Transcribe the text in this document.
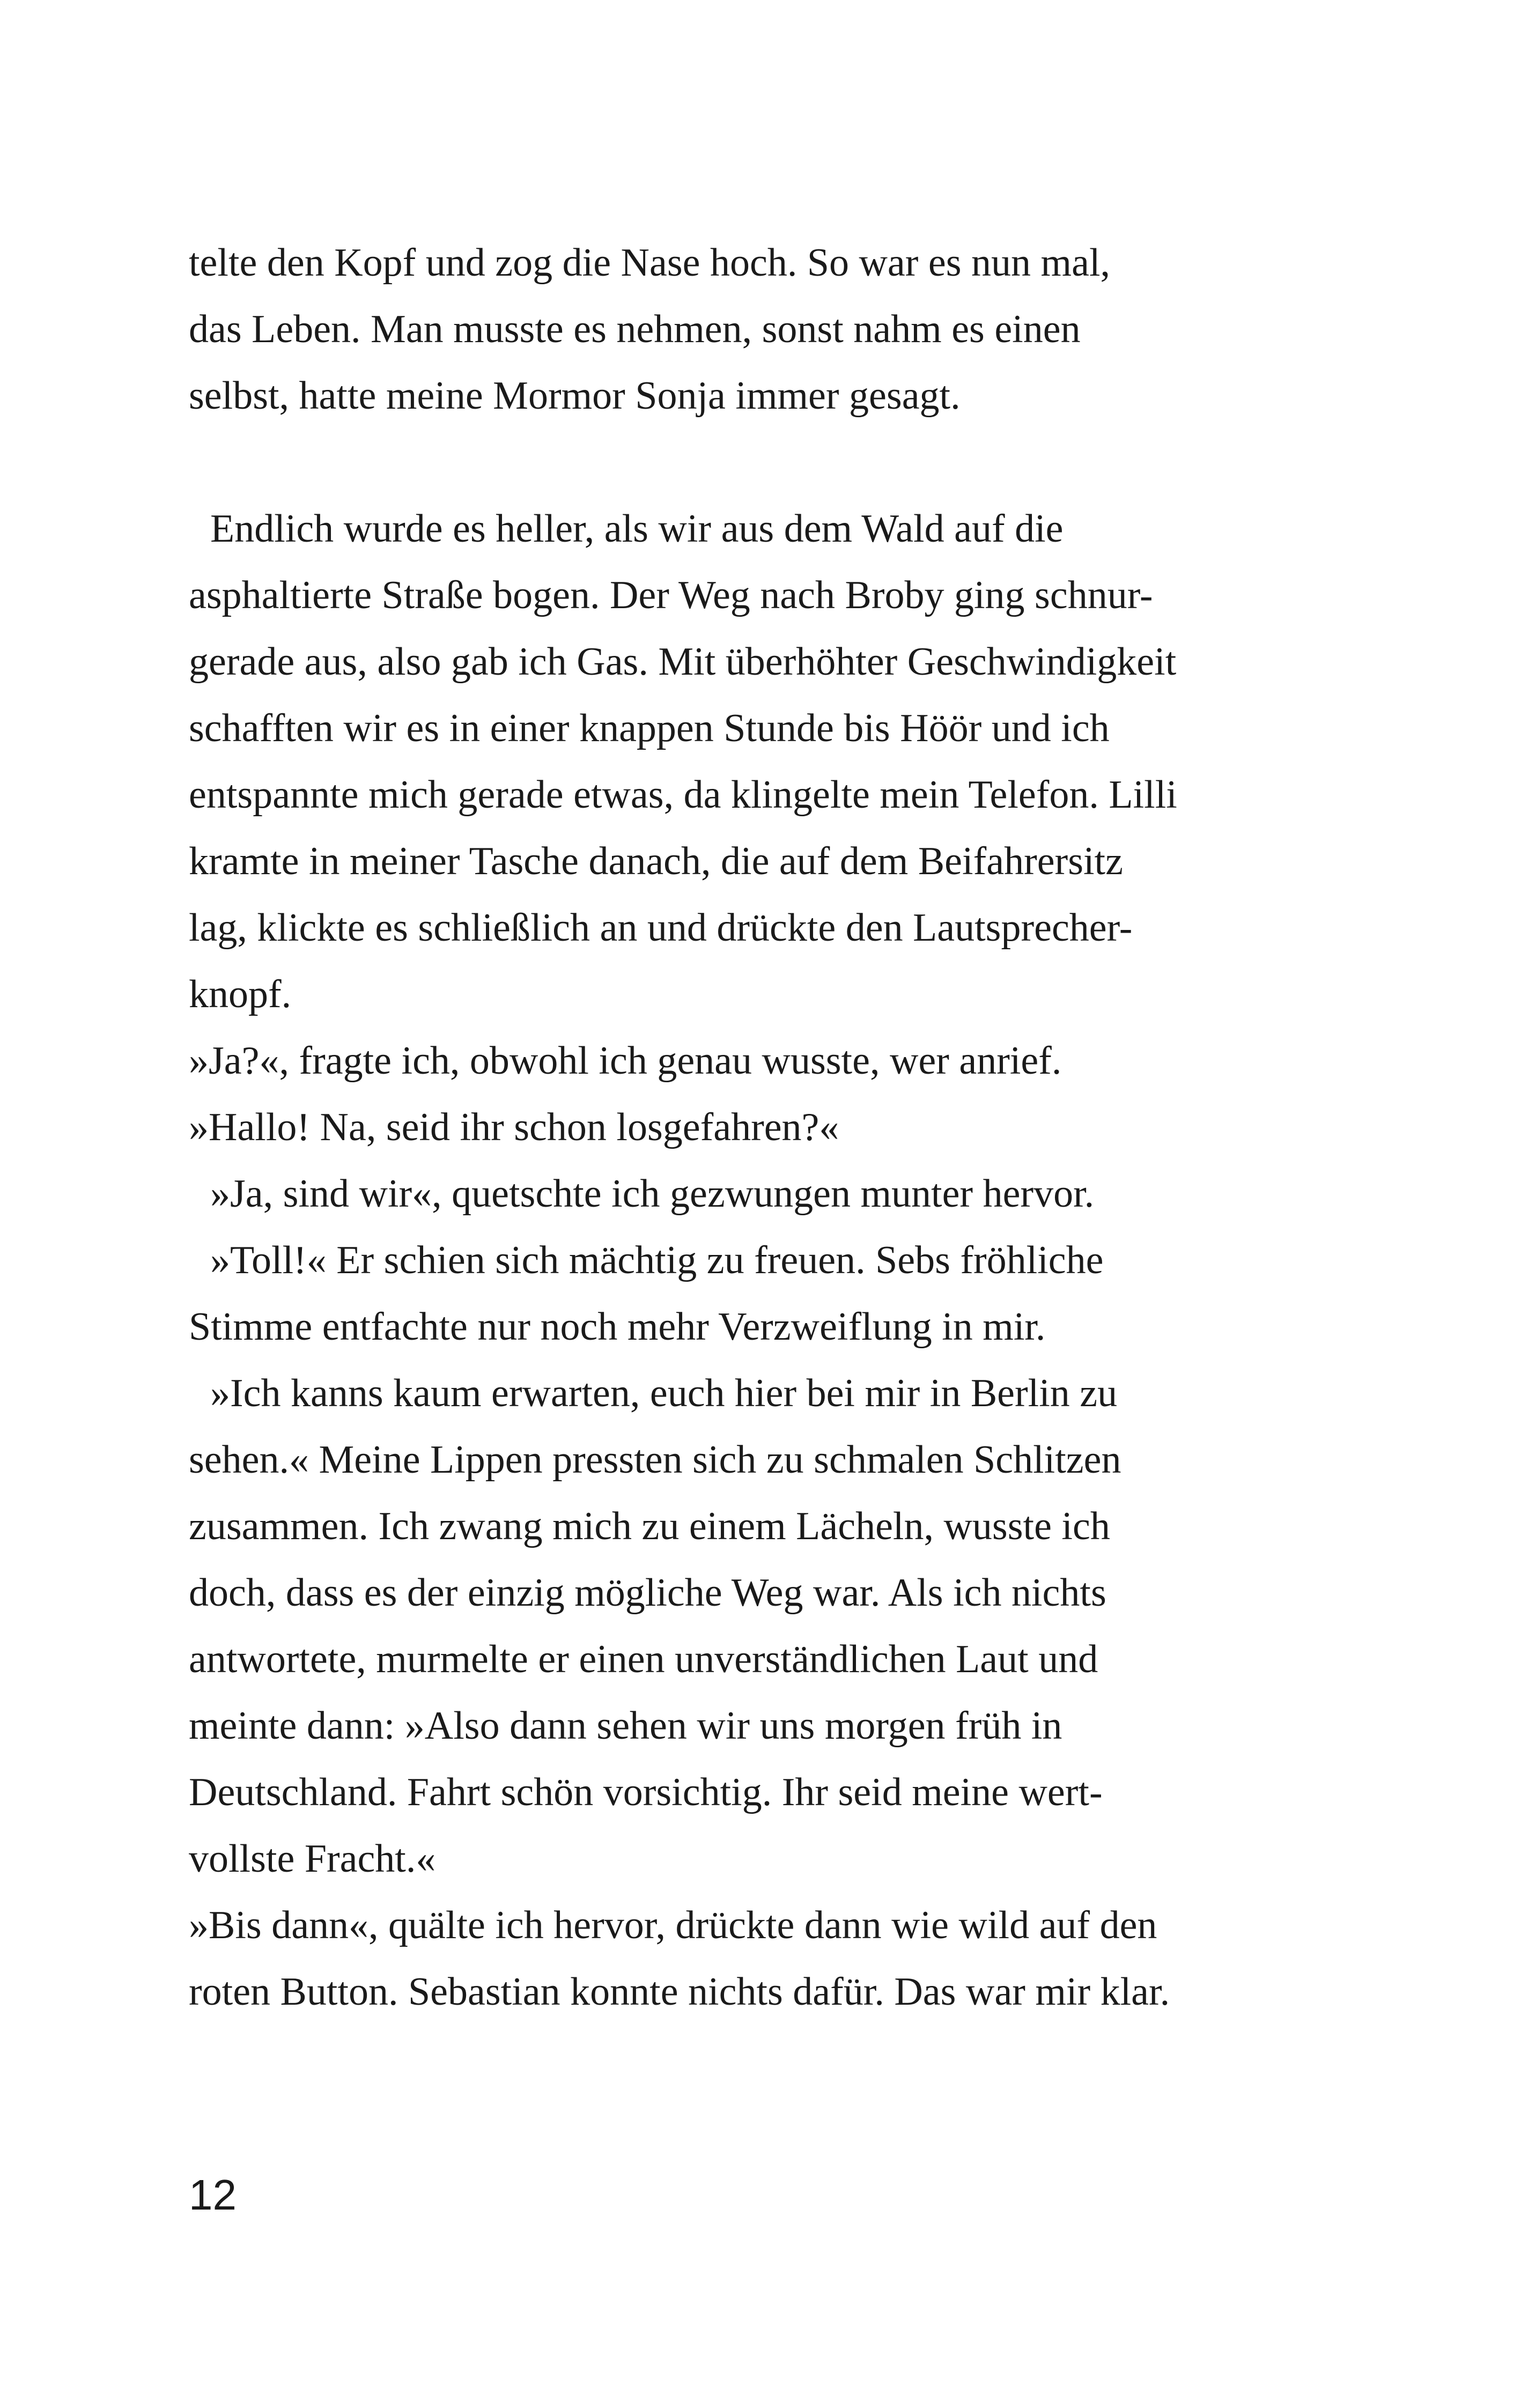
telte den Kopf und zog die Nase hoch. So war es nun mal,
das Leben. Man musste es nehmen, sonst nahm es einen
selbst, hatte meine Mormor Sonja immer gesagt.
Endlich wurde es heller, als wir aus dem Wald auf die
asphaltierte Straße bogen. Der Weg nach Broby ging schnur-
gerade aus, also gab ich Gas. Mit überhöhter Geschwindigkeit
schafften wir es in einer knappen Stunde bis Höör und ich
entspannte mich gerade etwas, da klingelte mein Telefon. Lilli
kramte in meiner Tasche danach, die auf dem Beifahrersitz
lag, klickte es schließlich an und drückte den Lautsprecher-
knopf.
»Ja?«, fragte ich, obwohl ich genau wusste, wer anrief.
»Hallo! Na, seid ihr schon losgefahren?«
»Ja, sind wir«, quetschte ich gezwungen munter hervor.
»Toll!« Er schien sich mächtig zu freuen. Sebs fröhliche
Stimme entfachte nur noch mehr Verzweiflung in mir.
»Ich kanns kaum erwarten, euch hier bei mir in Berlin zu
sehen.« Meine Lippen pressten sich zu schmalen Schlitzen
zusammen. Ich zwang mich zu einem Lächeln, wusste ich
doch, dass es der einzig mögliche Weg war. Als ich nichts
antwortete, murmelte er einen unverständlichen Laut und
meinte dann: »Also dann sehen wir uns morgen früh in
Deutschland. Fahrt schön vorsichtig. Ihr seid meine wert-
vollste Fracht.«
»Bis dann«, quälte ich hervor, drückte dann wie wild auf den
roten Button. Sebastian konnte nichts dafür. Das war mir klar.
12
